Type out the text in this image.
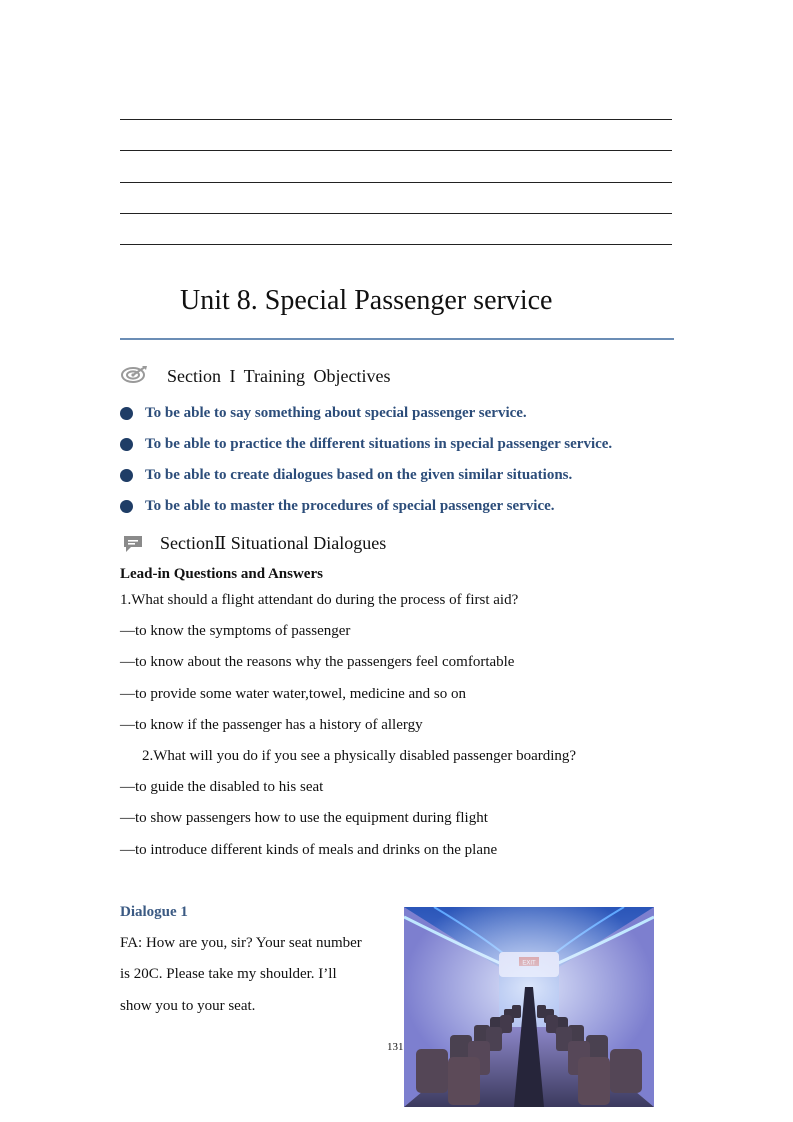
Unit 8. Special Passenger service
Section I Training Objectives
To be able to say something about special passenger service.
To be able to practice the different situations in special passenger service.
To be able to create dialogues based on the given similar situations.
To be able to master the procedures of special passenger service.
SectionⅡ Situational Dialogues
Lead-in Questions and Answers
1.What should a flight attendant do during the process of first aid?
—to know the symptoms of passenger
—to know about the reasons why the passengers feel comfortable
—to provide some water water,towel, medicine and so on
—to know if the passenger has a history of allergy
2.What will you do if you see a physically disabled passenger boarding?
—to guide the disabled to his seat
—to show passengers how to use the equipment during flight
—to introduce different kinds of meals and drinks on the plane
Dialogue 1
FA: How are you, sir? Your seat number
is 20C. Please take my shoulder. I’ll
show you to your seat.
131
